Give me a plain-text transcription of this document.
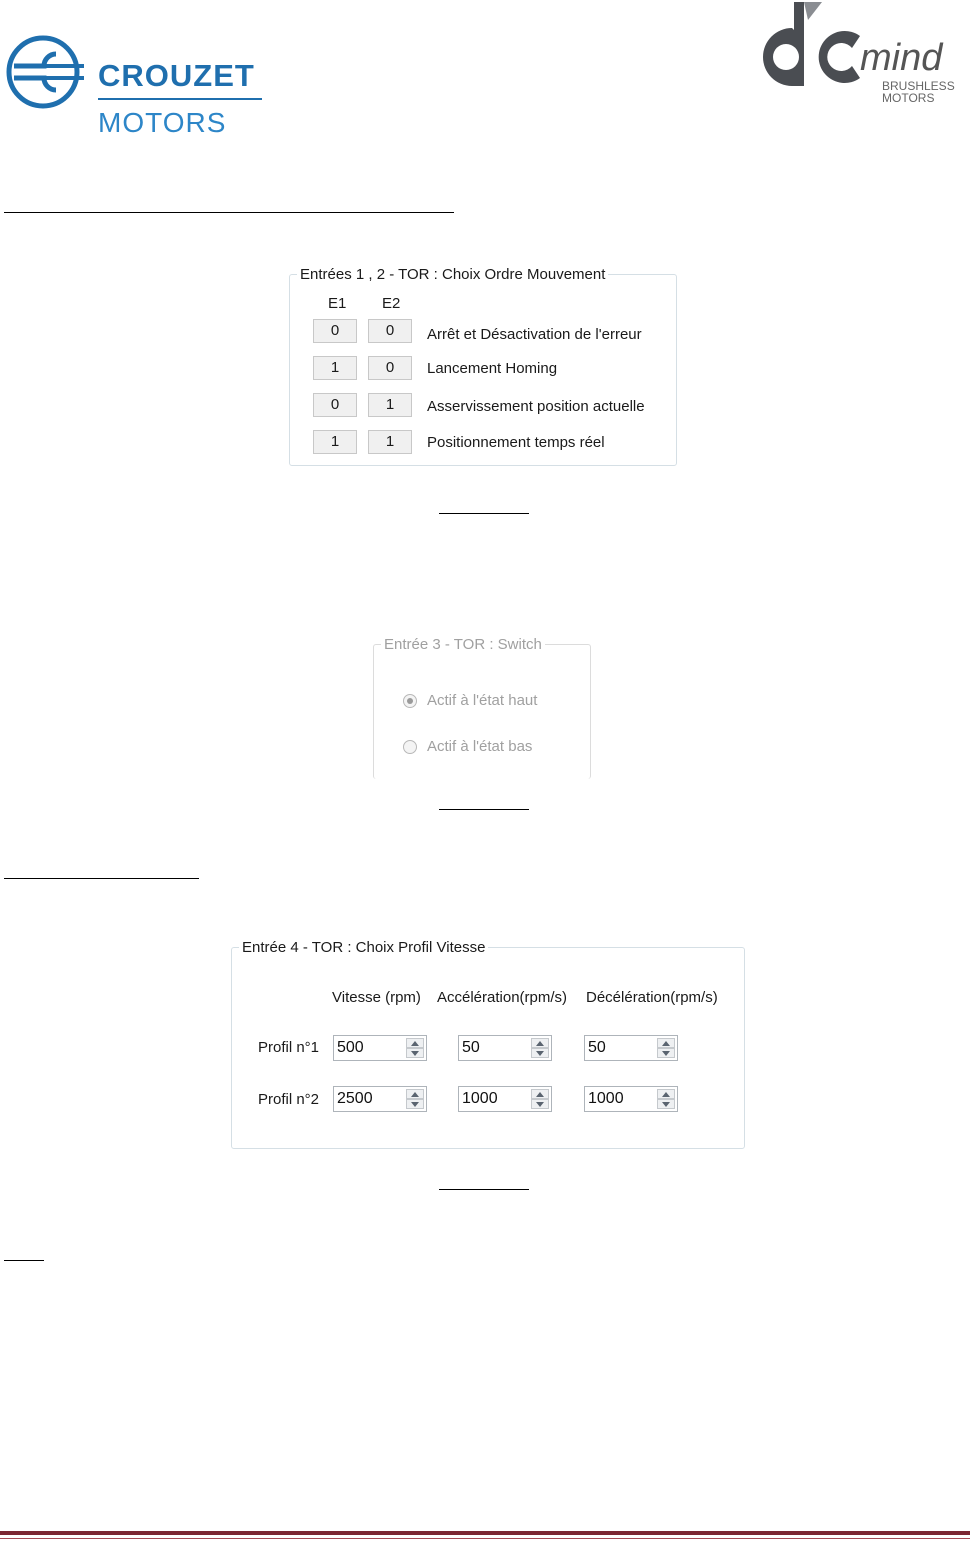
CROUZET
MOTORS
mind
BRUSHLESS
MOTORS
Entrées 1 , 2 - TOR : Choix Ordre Mouvement
E1 E2
0	0	Arrêt et Désactivation de l'erreur
1	0	Lancement Homing
0	1	Asservissement position actuelle
1	1	Positionnement temps réel
Entrée 3 - TOR : Switch
Actif à l'état haut
Actif à l'état bas
Entrée 4 - TOR : Choix Profil Vitesse
Vitesse (rpm) Accélération(rpm/s) Décélération(rpm/s)
Profil n°1 500	50	50
Profil n°2 2500	1000	1000
